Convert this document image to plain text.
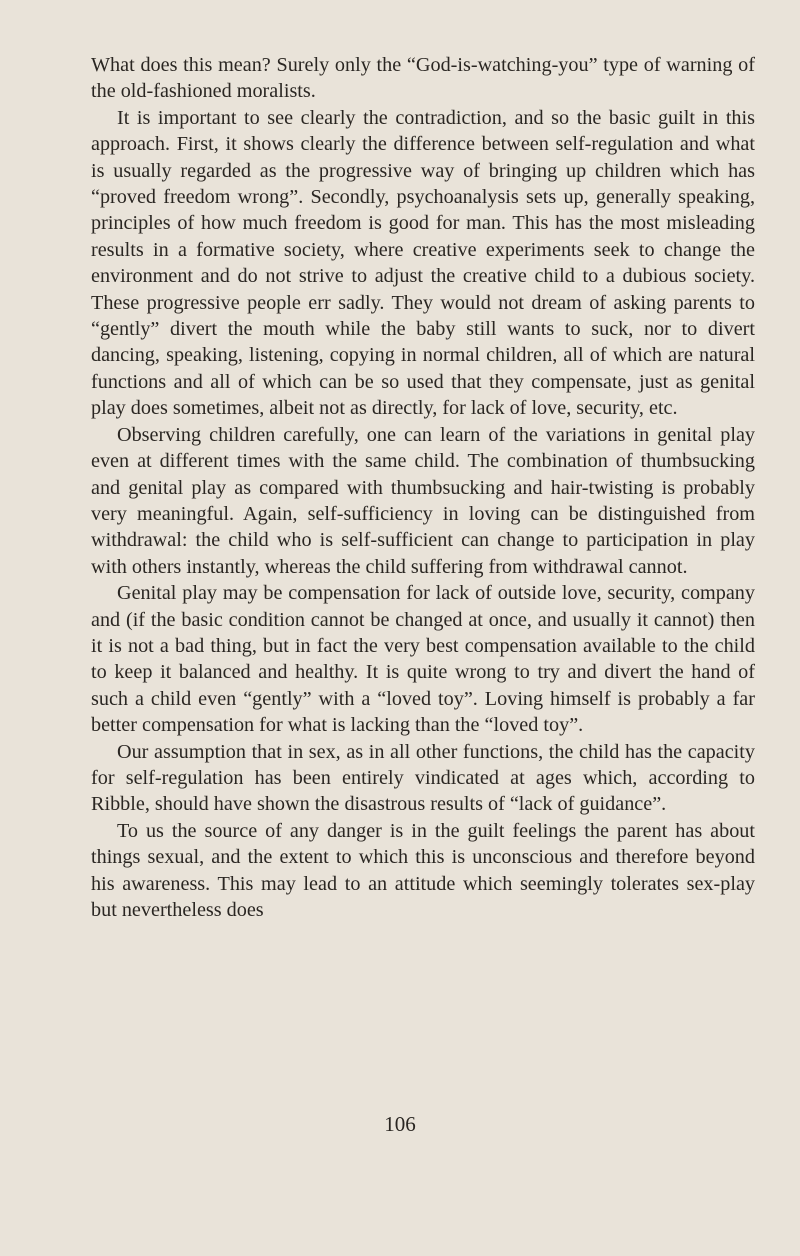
What does this mean? Surely only the “God-is-watching-you” type of warning of the old-fashioned moralists.

It is important to see clearly the contradiction, and so the basic guilt in this approach. First, it shows clearly the difference between self-regulation and what is usually regarded as the progressive way of bringing up children which has “proved freedom wrong”. Secondly, psychoanalysis sets up, generally speaking, principles of how much freedom is good for man. This has the most misleading results in a formative society, where creative experiments seek to change the environment and do not strive to adjust the creative child to a dubious society. These progressive people err sadly. They would not dream of asking parents to “gently” divert the mouth while the baby still wants to suck, nor to divert dancing, speaking, listening, copying in normal children, all of which are natural functions and all of which can be so used that they compensate, just as genital play does sometimes, albeit not as directly, for lack of love, security, etc.

Observing children carefully, one can learn of the variations in genital play even at different times with the same child. The combination of thumbsucking and genital play as compared with thumbsucking and hair-twisting is probably very meaningful. Again, self-sufficiency in loving can be distinguished from withdrawal: the child who is self-sufficient can change to participation in play with others instantly, whereas the child suffering from withdrawal cannot.

Genital play may be compensation for lack of outside love, security, company and (if the basic condition cannot be changed at once, and usually it cannot) then it is not a bad thing, but in fact the very best compensation available to the child to keep it balanced and healthy. It is quite wrong to try and divert the hand of such a child even “gently” with a “loved toy”. Loving himself is probably a far better compensation for what is lacking than the “loved toy”.

Our assumption that in sex, as in all other functions, the child has the capacity for self-regulation has been entirely vindicated at ages which, according to Ribble, should have shown the disastrous results of “lack of guidance”.

To us the source of any danger is in the guilt feelings the parent has about things sexual, and the extent to which this is unconscious and therefore beyond his awareness. This may lead to an attitude which seemingly tolerates sex-play but nevertheless does

106
